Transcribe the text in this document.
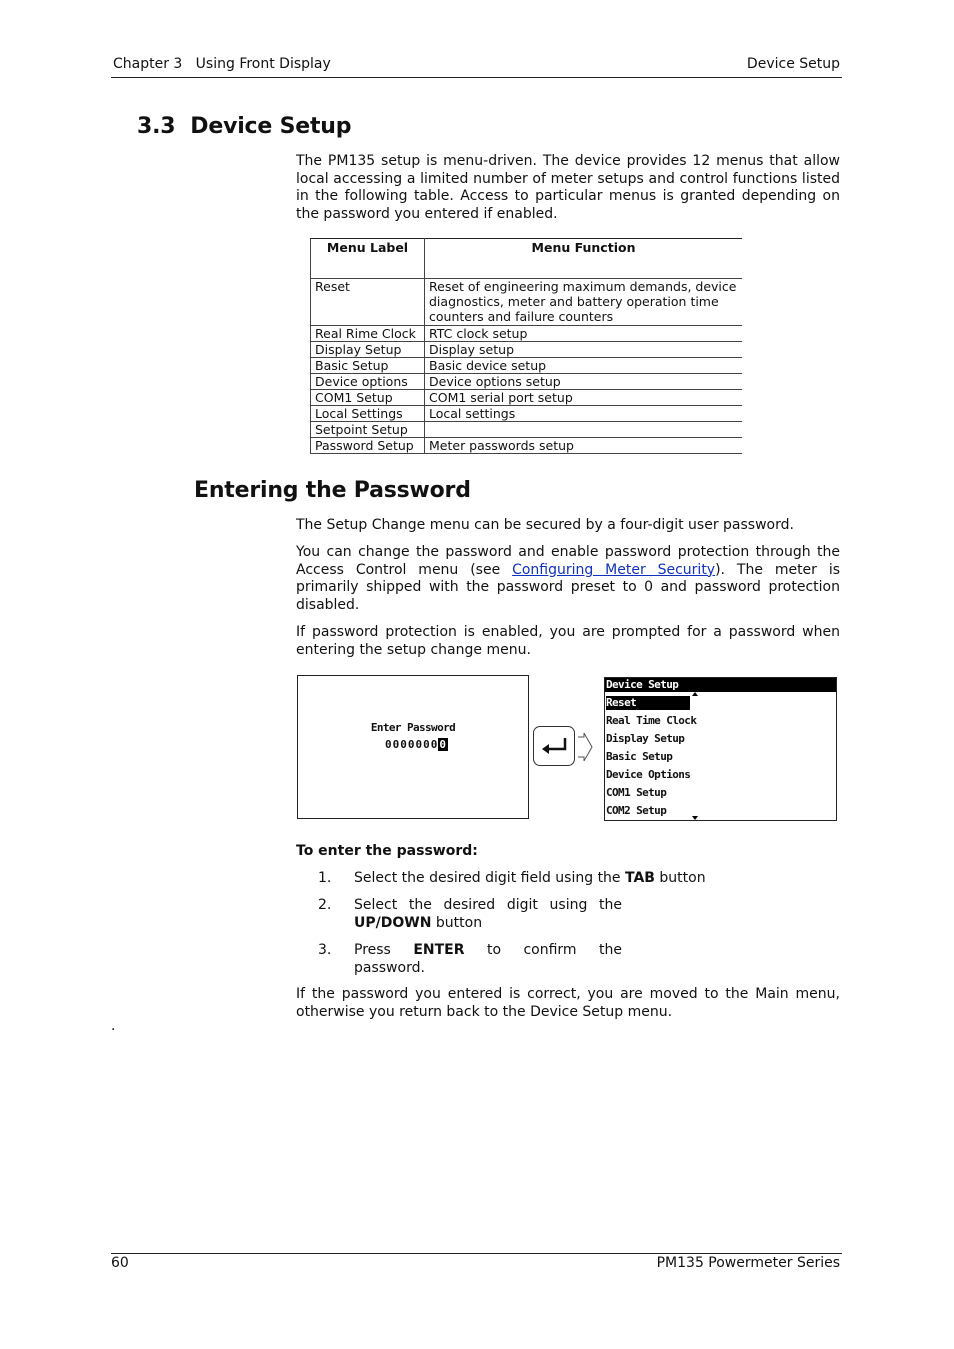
Chapter 3   Using Front Display	Device Setup
3.3  Device Setup

The PM135 setup is menu-driven. The device provides 12 menus that allow local accessing a limited number of meter setups and control functions listed in the following table. Access to particular menus is granted depending on the password you entered if enabled.

Menu Label	Menu Function
Reset	Reset of engineering maximum demands, device diagnostics, meter and battery operation time counters and failure counters
Real Rime Clock	RTC clock setup
Display Setup	Display setup
Basic Setup	Basic device setup
Device options	Device options setup
COM1 Setup	COM1 serial port setup
Local Settings	Local settings
Setpoint Setup	
Password Setup	Meter passwords setup
Entering the Password

The Setup Change menu can be secured by a four-digit user password.

You can change the password and enable password protection through the Access Control menu (see Configuring Meter Security). The meter is primarily shipped with the password preset to 0 and password protection disabled.

If password protection is enabled, you are prompted for a password when entering the setup change menu.

Enter Password
00000000
Device Setup
Reset
Real Time Clock
Display Setup
Basic Setup
Device Options
COM1 Setup
COM2 Setup
To enter the password:
1. Select the desired digit field using the TAB button
2. Select the desired digit using the UP/DOWN button
3. Press ENTER to confirm the password.

If the password you entered is correct, you are moved to the Main menu, otherwise you return back to the Device Setup menu.

.
60	PM135 Powermeter Series
